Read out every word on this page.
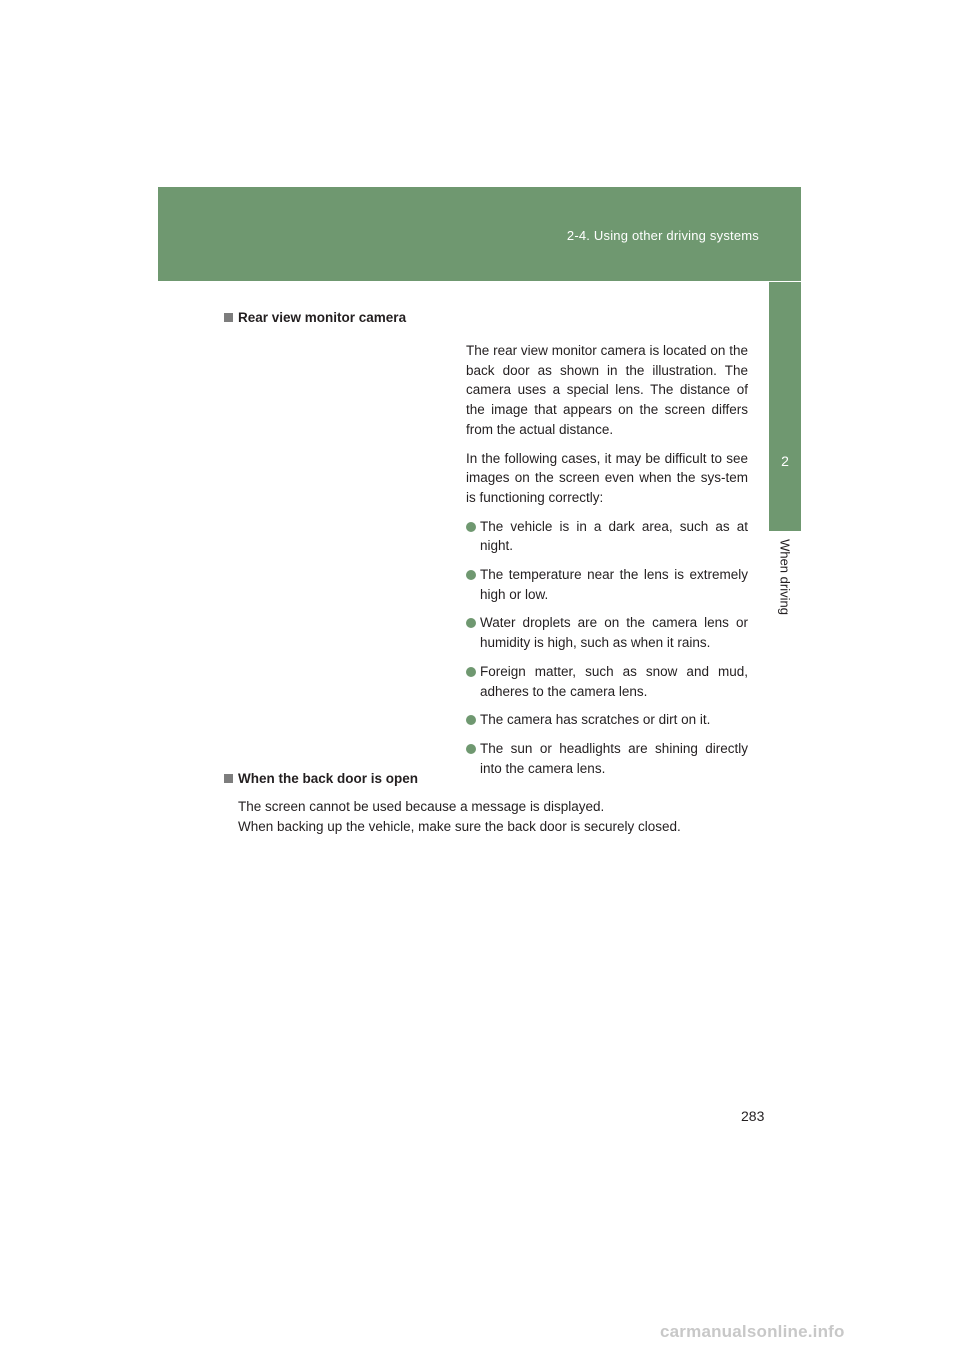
2-4. Using other driving systems
2
When driving
Rear view monitor camera

The rear view monitor camera is located on the back door as shown in the illustration. The camera uses a special lens. The distance of the image that appears on the screen differs from the actual distance.

In the following cases, it may be difficult to see images on the screen even when the sys-tem is functioning correctly:

The vehicle is in a dark area, such as at night.
The temperature near the lens is extremely high or low.
Water droplets are on the camera lens or humidity is high, such as when it rains.
Foreign matter, such as snow and mud, adheres to the camera lens.
The camera has scratches or dirt on it.
The sun or headlights are shining directly into the camera lens.
When the back door is open
The screen cannot be used because a message is displayed.
When backing up the vehicle, make sure the back door is securely closed.
283
carmanualsonline.info
